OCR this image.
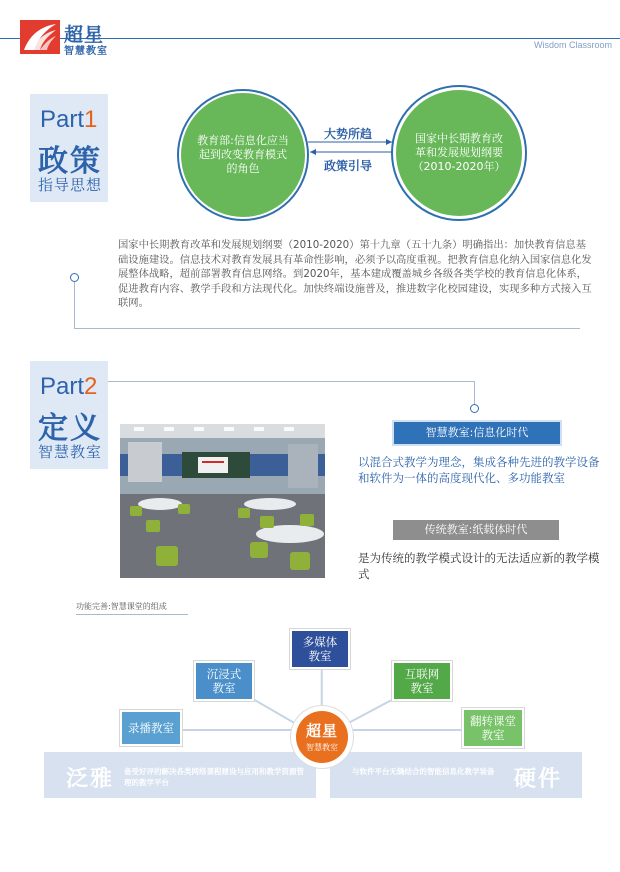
超星
智慧教室
Wisdom Classroom
Part1
政策
指导思想
教育部:信息化应当起到改变教育模式的角色
国家中长期教育改革和发展规划纲要（2010-2020年）
大势所趋
政策引导
国家中长期教育改革和发展规划纲要（2010-2020）第十九章（五十九条）明确指出：加快教育信息基础设施建设。信息技术对教育发展具有革命性影响，必须予以高度重视。把教育信息化纳入国家信息化发展整体战略，超前部署教育信息网络。到2020年，基本建成覆盖城乡各级各类学校的教育信息化体系，促进教育内容、教学手段和方法现代化。加快终端设施普及，推进数字化校园建设，实现多种方式接入互联网。
Part2
定义
智慧教室
智慧教室:信息化时代
以混合式教学为理念，集成各种先进的教学设备和软件为一体的高度现代化、多功能教室
传统教室:纸载体时代
是为传统的教学模式设计的无法适应新的教学模式
功能完善:智慧课堂的组成
泛雅 备受好评的解决各类网络课程建设与应用和教学资源管理的教学平台
与软件平台无缝结合的智能信息化教学装备 硬件
多媒体教室
沉浸式教室
互联网教室
录播教室	翻转课堂教室
超星
智慧教室
